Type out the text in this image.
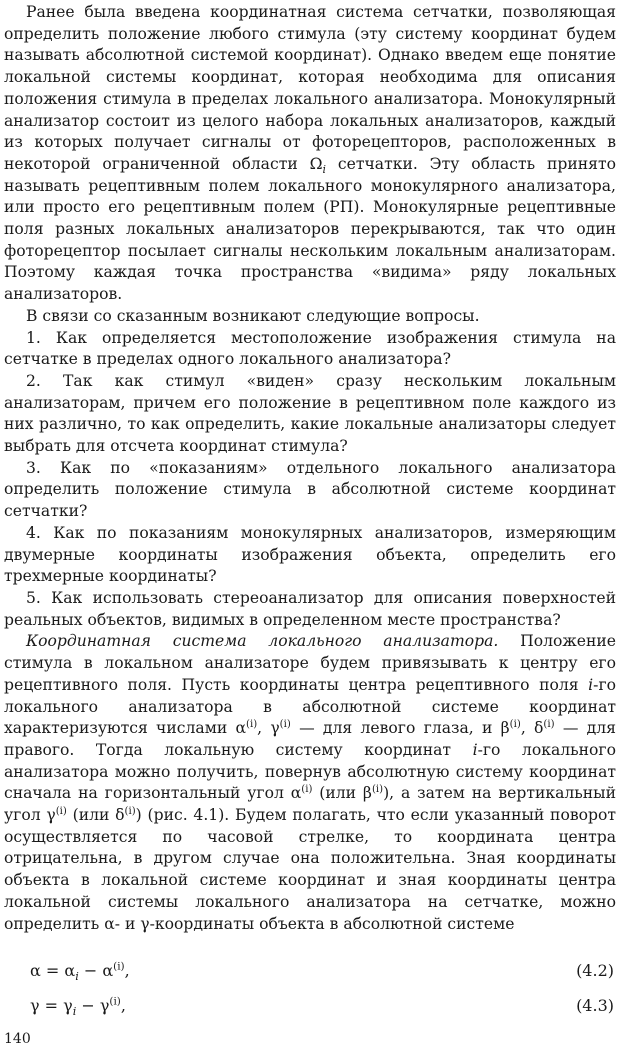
Ранее была введена координатная система сетчатки, позволяющая определить положение любого стимула (эту систему координат будем называть абсолютной системой координат). Однако введем еще понятие локальной системы координат, которая необходима для описания положения стимула в пределах локального анализатора. Монокулярный анализатор состоит из целого набора локальных анализаторов, каждый из которых получает сигналы от фоторецепторов, расположенных в некоторой ограниченной области $\Omega_i$ сетчатки. Эту область принято называть рецептивным полем локального монокулярного анализатора, или просто его рецептивным полем (РП). Монокулярные рецептивные поля разных локальных анализаторов перекрываются, так что один фоторецептор посылает сигналы нескольким локальным анализаторам. Поэтому каждая точка пространства «видима» ряду локальных анализаторов.

В связи со сказанным возникают следующие вопросы.

1. Как определяется местоположение изображения стимула на сетчатке в пределах одного локального анализатора?

2. Так как стимул «виден» сразу нескольким локальным анализаторам, причем его положение в рецептивном поле каждого из них различно, то как определить, какие локальные анализаторы следует выбрать для отсчета координат стимула?

3. Как по «показаниям» отдельного локального анализатора определить положение стимула в абсолютной системе координат сетчатки?

4. Как по показаниям монокулярных анализаторов, измеряющим двумерные координаты изображения объекта, определить его трехмерные координаты?

5. Как использовать стереоанализатор для описания поверхностей реальных объектов, видимых в определенном месте пространства?

Координатная система локального анализатора. Положение стимула в локальном анализаторе будем привязывать к центру его рецептивного поля. Пусть координаты центра рецептивного поля i-го локального анализатора в абсолютной системе координат характеризуются числами $\alpha^{(i)}$, $\gamma^{(i)}$ — для левого глаза, и $\beta^{(i)}$, $\delta^{(i)}$ — для правого. Тогда локальную систему координат i-го локального анализатора можно получить, повернув абсолютную систему координат сначала на горизонтальный угол $\alpha^{(i)}$ (или $\beta^{(i)}$), а затем на вертикальный угол $\gamma^{(i)}$ (или $\delta^{(i)}$) (рис. 4.1). Будем полагать, что если указанный поворот осуществляется по часовой стрелке, то координата центра отрицательна, в другом случае она положительна. Зная координаты объекта в локальной системе координат и зная координаты центра локальной системы локального анализатора на сетчатке, можно определить α- и γ-координаты объекта в абсолютной системе

$\alpha = \alpha_i - \alpha^{(i)}$,	(4.2)
$\gamma = \gamma_i - \gamma^{(i)}$,	(4.3)
140
